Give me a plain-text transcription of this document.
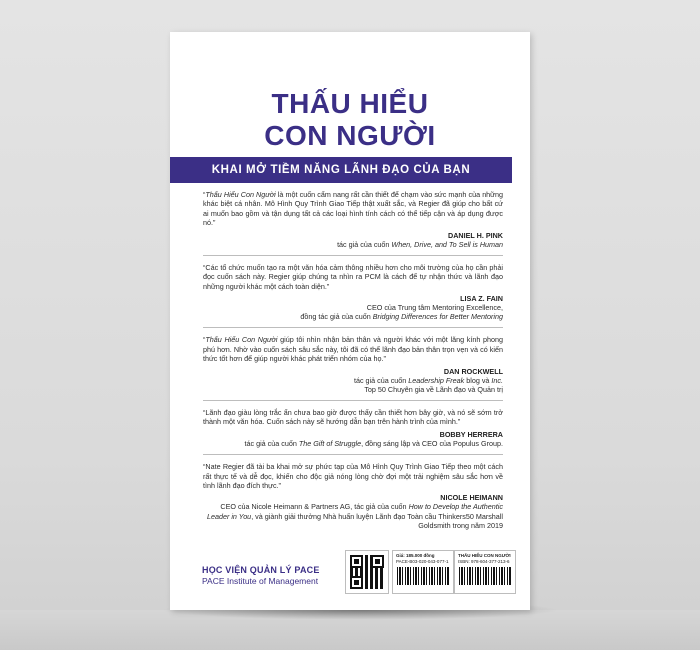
THẤU HIỂU
CON NGƯỜI
KHAI MỞ TIỀM NĂNG LÃNH ĐẠO CỦA BẠN

“Thấu Hiểu Con Người là một cuốn cẩm nang rất cần thiết để chạm vào sức mạnh của những khác biệt cá nhân. Mô Hình Quy Trình Giao Tiếp thật xuất sắc, và Regier đã giúp cho bất cứ ai muốn bao gồm và tận dụng tất cả các loại hình tính cách có thể tiếp cận và áp dụng được nó.”

DANIEL H. PINK
tác giả của cuốn When, Drive, and To Sell is Human

“Các tổ chức muốn tạo ra một văn hóa cảm thông nhiều hơn cho môi trường của họ cần phải đọc cuốn sách này. Regier giúp chúng ta nhìn ra PCM là cách để tự nhận thức và lãnh đạo những người khác một cách toàn diện.”

LISA Z. FAIN
CEO của Trung tâm Mentoring Excellence,
đồng tác giả của cuốn Bridging Differences for Better Mentoring

“Thấu Hiểu Con Người giúp tôi nhìn nhận bản thân và người khác với một lăng kính phong phú hơn. Nhờ vào cuốn sách sâu sắc này, tôi đã có thể lãnh đạo bản thân trọn vẹn và có kiến thức tốt hơn để giúp người khác phát triển nhóm của họ.”

DAN ROCKWELL
tác giả của cuốn Leadership Freak blog và Inc.
Top 50 Chuyên gia về Lãnh đạo và Quản trị

“Lãnh đạo giàu lòng trắc ẩn chưa bao giờ được thấy cần thiết hơn bây giờ, và nó sẽ sớm trở thành một văn hóa. Cuốn sách này sẽ hướng dẫn bạn trên hành trình của mình.”

BOBBY HERRERA
tác giả của cuốn The Gift of Struggle, đồng sáng lập và CEO của Populus Group.

“Nate Regier đã tài ba khai mở sự phức tạp của Mô Hình Quy Trình Giao Tiếp theo một cách rất thực tế và dễ đọc, khiến cho độc giả nóng lòng chờ đợi một trải nghiệm sâu sắc hơn về tình lãnh đạo đích thực.”

NICOLE HEIMANN
CEO của Nicole Heimann & Partners AG, tác giả của cuốn How to Develop the Authentic Leader in You, và giành giải thưởng Nhà huấn luyện Lãnh đạo Toàn cầu Thinkers50 Marshall Goldsmith trong năm 2019
HỌC VIỆN QUẢN LÝ PACE
PACE Institute of Management
Giá: 185.000 đồng
PACE-B03-020-043-077-1
THẤU HIỂU CON NGƯỜI
ISBN: 978-604-377-213-6
